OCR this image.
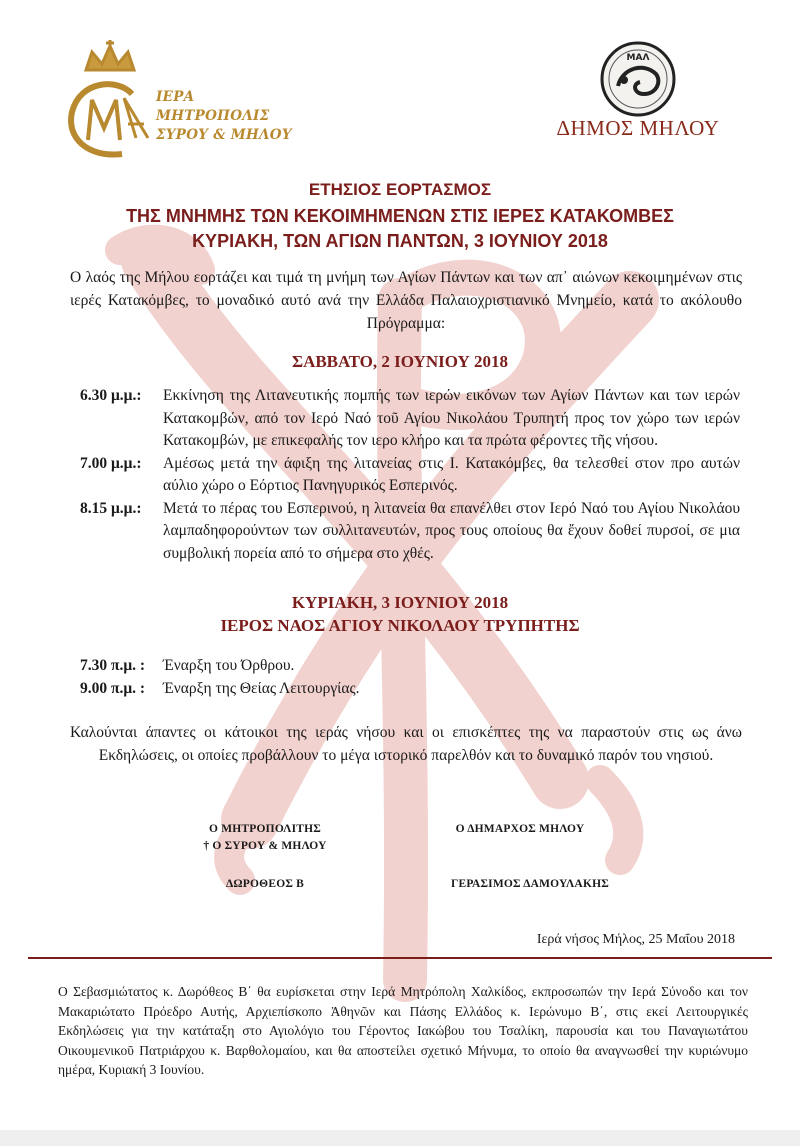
ΙΕΡΑ ΜΗΤΡΟΠΟΛΙΣ
ΣΥΡΟΥ & ΜΗΛΟΥ
ΜΑΛ
ΔΗΜΟΣ ΜΗΛΟΥ
ΕΤΗΣΙΟΣ ΕΟΡΤΑΣΜΟΣ
ΤΗΣ ΜΝΗΜΗΣ ΤΩΝ ΚΕΚΟΙΜΗΜΕΝΩΝ ΣΤΙΣ ΙΕΡΕΣ ΚΑΤΑΚΟΜΒΕΣ
ΚΥΡΙΑΚΗ, ΤΩΝ ΑΓΙΩΝ ΠΑΝΤΩΝ, 3 ΙΟΥΝΙΟΥ 2018
Ο λαός της Μήλου εορτάζει και τιμά τη μνήμη των Αγίων Πάντων και των απ᾽ αιώνων κεκοιμημένων στις ιερές Κατακόμβες, το μοναδικό αυτό ανά την Ελλάδα Παλαιοχριστιανικό Μνημείο, κατά το ακόλουθο Πρόγραμμα:
ΣΑΒΒΑΤΟ, 2 ΙΟΥΝΙΟΥ 2018
6.30 μ.μ.:	Εκκίνηση της Λιτανευτικής πομπής των ιερών εικόνων των Αγίων Πάντων και των ιερών Κατακομβών, από τον Ιερό Ναό τοῦ Αγίου Νικολάου Τρυπητή προς τον χώρο των ιερών Κατακομβών, με επικεφαλής τον ιερο κλήρο και τα πρώτα φέροντες τῆς νήσου.
7.00 μ.μ.:	Αμέσως μετά την άφιξη της λιτανείας στις Ι. Κατακόμβες, θα τελεσθεί στον προ αυτών αύλιο χώρο ο Εόρτιος Πανηγυρικός Εσπερινός.
8.15 μ.μ.:	Μετά το πέρας του Εσπερινού, η λιτανεία θα επανέλθει στον Ιερό Ναό του Αγίου Νικολάου λαμπαδηφορούντων των συλλιτανευτών, προς τους οποίους θα ἔχουν δοθεί πυρσοί, σε μια συμβολική πορεία από το σήμερα στο χθές.
ΚΥΡΙΑΚΗ, 3 ΙΟΥΝΙΟΥ 2018
ΙΕΡΟΣ ΝΑΟΣ ΑΓΙΟΥ ΝΙΚΟΛΑΟΥ ΤΡΥΠΗΤΗΣ
7.30 π.μ. :	Έναρξη του Όρθρου.
9.00 π.μ. :	Έναρξη της Θείας Λειτουργίας.
Καλούνται άπαντες οι κάτοικοι της ιεράς νήσου και οι επισκέπτες της να παραστούν στις ως άνω Εκδηλώσεις, οι οποίες προβάλλουν το μέγα ιστορικό παρελθόν και το δυναμικό παρόν του νησιού.
Ο ΜΗΤΡΟΠΟΛΙΤΗΣ
† Ο ΣΥΡΟΥ & ΜΗΛΟΥ
ΔΩΡΟΘΕΟΣ Β
Ο ΔΗΜΑΡΧΟΣ ΜΗΛΟΥ
ΓΕΡΑΣΙΜΟΣ ΔΑΜΟΥΛΑΚΗΣ
Ιερά νήσος Μήλος, 25 Μαΐου 2018
Ο Σεβασμιώτατος κ. Δωρόθεος Β΄ θα ευρίσκεται στην Ιερά Μητρόπολη Χαλκίδος, εκπροσωπών την Ιερά Σύνοδο και τον Μακαριώτατο Πρόεδρο Αυτής, Αρχιεπίσκοπο Ἀθηνῶν και Πάσης Ελλάδος κ. Ιερώνυμο Β΄, στις εκεί Λειτουργικές Εκδηλώσεις για την κατάταξη στο Αγιολόγιο του Γέροντος Ιακώβου του Τσαλίκη, παρουσία και του Παναγιωτάτου Οικουμενικοῦ Πατριάρχου κ. Βαρθολομαίου, και θα αποστείλει σχετικό Μήνυμα, το οποίο θα αναγνωσθεί την κυριώνυμο ημέρα, Κυριακή 3 Ιουνίου.
